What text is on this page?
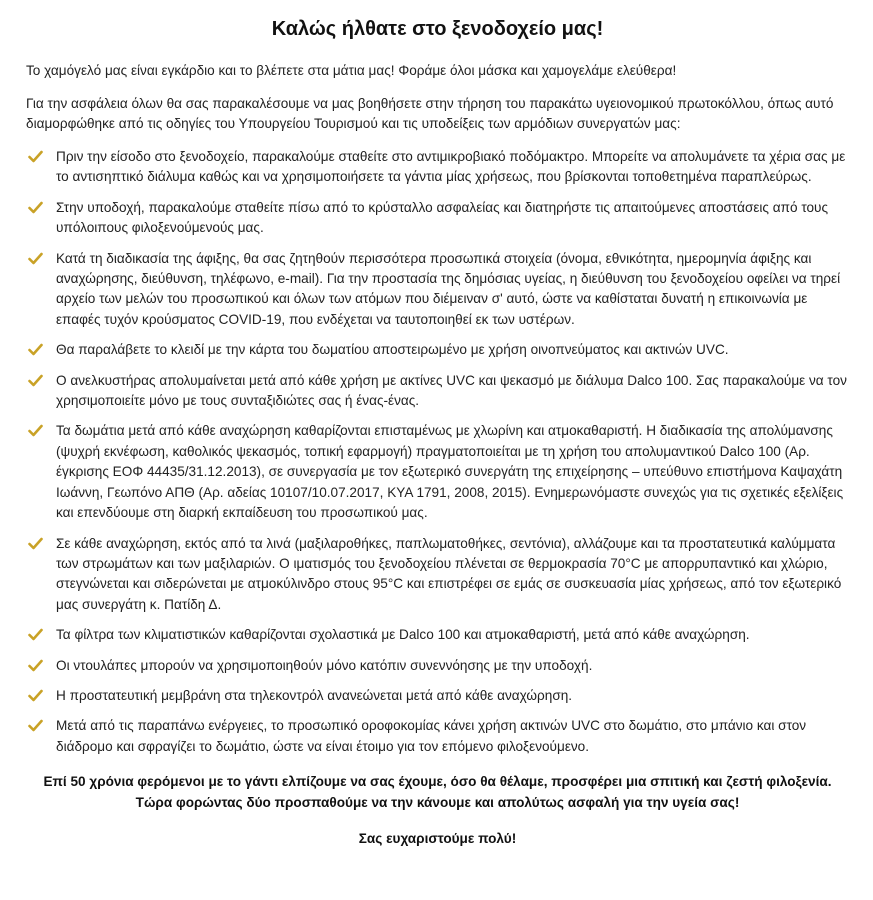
Καλώς ήλθατε στο ξενοδοχείο μας!

Το χαμόγελό μας είναι εγκάρδιο και το βλέπετε στα μάτια μας! Φοράμε όλοι μάσκα και χαμογελάμε ελεύθερα!

Για την ασφάλεια όλων θα σας παρακαλέσουμε να μας βοηθήσετε στην τήρηση του παρακάτω υγειονομικού πρωτοκόλλου, όπως αυτό διαμορφώθηκε από τις οδηγίες του Υπουργείου Τουρισμού και τις υποδείξεις των αρμόδιων συνεργατών μας:

Πριν την είσοδο στο ξενοδοχείο, παρακαλούμε σταθείτε στο αντιμικροβιακό ποδόμακτρο. Μπορείτε να απολυμάνετε τα χέρια σας με το αντισηπτικό διάλυμα καθώς και να χρησιμοποιήσετε τα γάντια μίας χρήσεως, που βρίσκονται τοποθετημένα παραπλεύρως.
Στην υποδοχή, παρακαλούμε σταθείτε πίσω από το κρύσταλλο ασφαλείας και διατηρήστε τις απαιτούμενες αποστάσεις από τους υπόλοιπους φιλοξενούμενούς μας.
Κατά τη διαδικασία της άφιξης, θα σας ζητηθούν περισσότερα προσωπικά στοιχεία (όνομα, εθνικότητα, ημερομηνία άφιξης και αναχώρησης, διεύθυνση, τηλέφωνο, e-mail). Για την προστασία της δημόσιας υγείας, η διεύθυνση του ξενοδοχείου οφείλει να τηρεί αρχείο των μελών του προσωπικού και όλων των ατόμων που διέμειναν σ' αυτό, ώστε να καθίσταται δυνατή η επικοινωνία με επαφές τυχόν κρούσματος COVID-19, που ενδέχεται να ταυτοποιηθεί εκ των υστέρων.
Θα παραλάβετε το κλειδί με την κάρτα του δωματίου αποστειρωμένο με χρήση οινοπνεύματος και ακτινών UVC.
Ο ανελκυστήρας απολυμαίνεται μετά από κάθε χρήση με ακτίνες UVC και ψεκασμό με διάλυμα Dalco 100. Σας παρακαλούμε να τον χρησιμοποιείτε μόνο με τους συνταξιδιώτες σας ή ένας-ένας.
Τα δωμάτια μετά από κάθε αναχώρηση καθαρίζονται επισταμένως με χλωρίνη και ατμοκαθαριστή. Η διαδικασία της απολύμανσης (ψυχρή εκνέφωση, καθολικός ψεκασμός, τοπική εφαρμογή) πραγματοποιείται με τη χρήση του απολυμαντικού Dalco 100 (Αρ. έγκρισης ΕΟΦ 44435/31.12.2013), σε συνεργασία με τον εξωτερικό συνεργάτη της επιχείρησης – υπεύθυνο επιστήμονα Καψαχάτη Ιωάννη, Γεωπόνο ΑΠΘ (Αρ. αδείας 10107/10.07.2017, ΚΥΑ 1791, 2008, 2015). Ενημερωνόμαστε συνεχώς για τις σχετικές εξελίξεις και επενδύουμε στη διαρκή εκπαίδευση του προσωπικού μας.
Σε κάθε αναχώρηση, εκτός από τα λινά (μαξιλαροθήκες, παπλωματοθήκες, σεντόνια), αλλάζουμε και τα προστατευτικά καλύμματα των στρωμάτων και των μαξιλαριών. Ο ιματισμός του ξενοδοχείου πλένεται σε θερμοκρασία 70°C με απορρυπαντικό και χλώριο, στεγνώνεται και σιδερώνεται με ατμοκύλινδρο στους 95°C και επιστρέφει σε εμάς σε συσκευασία μίας χρήσεως, από τον εξωτερικό μας συνεργάτη κ. Πατίδη Δ.
Τα φίλτρα των κλιματιστικών καθαρίζονται σχολαστικά με Dalco 100 και ατμοκαθαριστή, μετά από κάθε αναχώρηση.
Οι ντουλάπες μπορούν να χρησιμοποιηθούν μόνο κατόπιν συνεννόησης με την υποδοχή.
Η προστατευτική μεμβράνη στα τηλεκοντρόλ ανανεώνεται μετά από κάθε αναχώρηση.
Μετά από τις παραπάνω ενέργειες, το προσωπικό οροφοκομίας κάνει χρήση ακτινών UVC στο δωμάτιο, στο μπάνιο και στον διάδρομο και σφραγίζει το δωμάτιο, ώστε να είναι έτοιμο για τον επόμενο φιλοξενούμενο.

Επί 50 χρόνια φερόμενοι με το γάντι ελπίζουμε να σας έχουμε, όσο θα θέλαμε, προσφέρει μια σπιτική και ζεστή φιλοξενία. Τώρα φορώντας δύο προσπαθούμε να την κάνουμε και απολύτως ασφαλή για την υγεία σας!

Σας ευχαριστούμε πολύ!
